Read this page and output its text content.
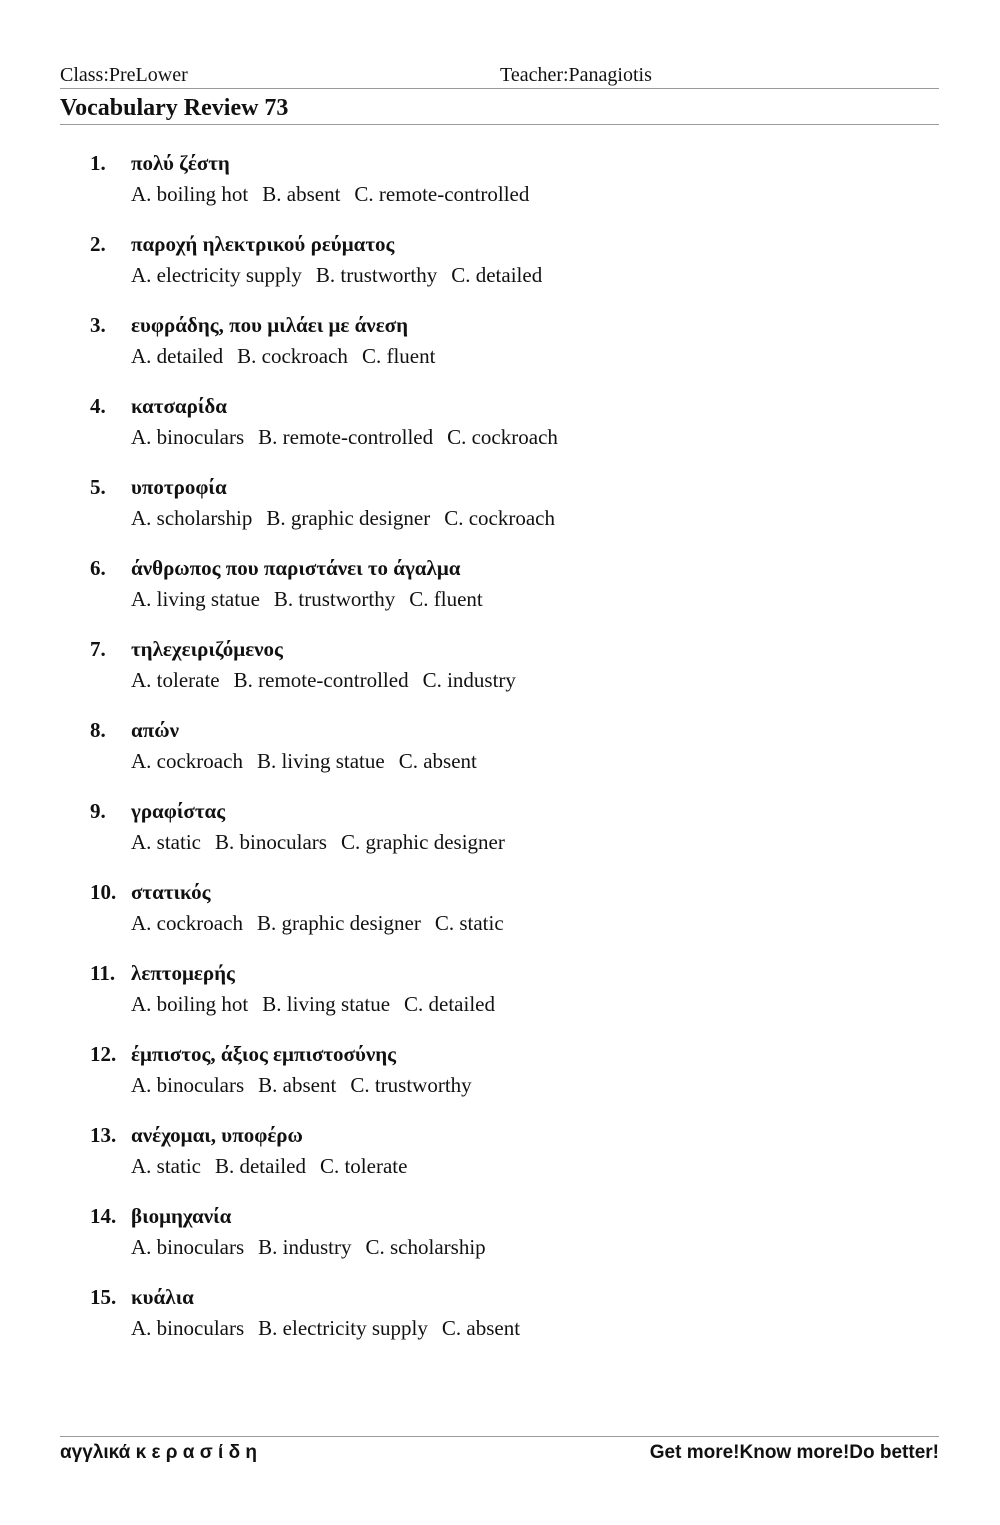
Class:PreLower	Teacher:Panagiotis
Vocabulary Review 73
1. πολύ ζέστη
A. boiling hot B. absent C. remote-controlled
2. παροχή ηλεκτρικού ρεύματος
A. electricity supply B. trustworthy C. detailed
3. ευφράδης, που μιλάει με άνεση
A. detailed B. cockroach C. fluent
4. κατσαρίδα
A. binoculars B. remote-controlled C. cockroach
5. υποτροφία
A. scholarship B. graphic designer C. cockroach
6. άνθρωπος που παριστάνει το άγαλμα
A. living statue B. trustworthy C. fluent
7. τηλεχειριζόμενος
A. tolerate B. remote-controlled C. industry
8. απών
A. cockroach B. living statue C. absent
9. γραφίστας
A. static B. binoculars C. graphic designer
10. στατικός
A. cockroach B. graphic designer C. static
11. λεπτομερής
A. boiling hot B. living statue C. detailed
12. έμπιστος, άξιος εμπιστοσύνης
A. binoculars B. absent C. trustworthy
13. ανέχομαι, υποφέρω
A. static B. detailed C. tolerate
14. βιομηχανία
A. binoculars B. industry C. scholarship
15. κυάλια
A. binoculars B. electricity supply C. absent
αγγλικά κ ε ρ α σ ί δ η	Get more!Know more!Do better!
